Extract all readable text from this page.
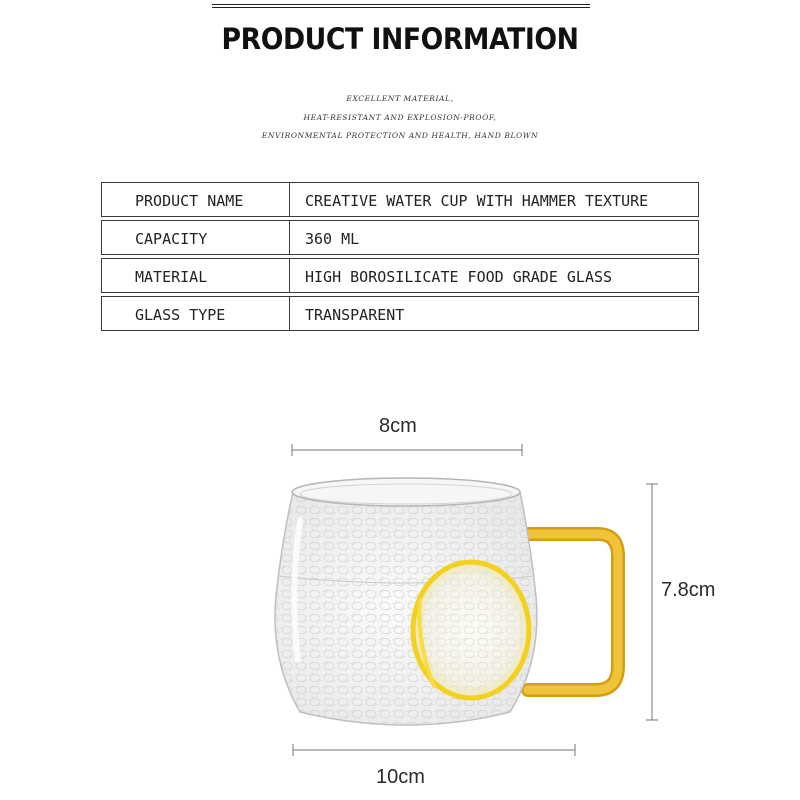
PRODUCT INFORMATION
EXCELLENT MATERIAL,
HEAT-RESISTANT AND EXPLOSION-PROOF,
ENVIRONMENTAL PROTECTION AND HEALTH, HAND BLOWN
PRODUCT NAME	CREATIVE WATER CUP WITH HAMMER TEXTURE
CAPACITY	360 ML
MATERIAL	HIGH BOROSILICATE FOOD GRADE GLASS
GLASS TYPE	TRANSPARENT
8cm
7.8cm
10cm
